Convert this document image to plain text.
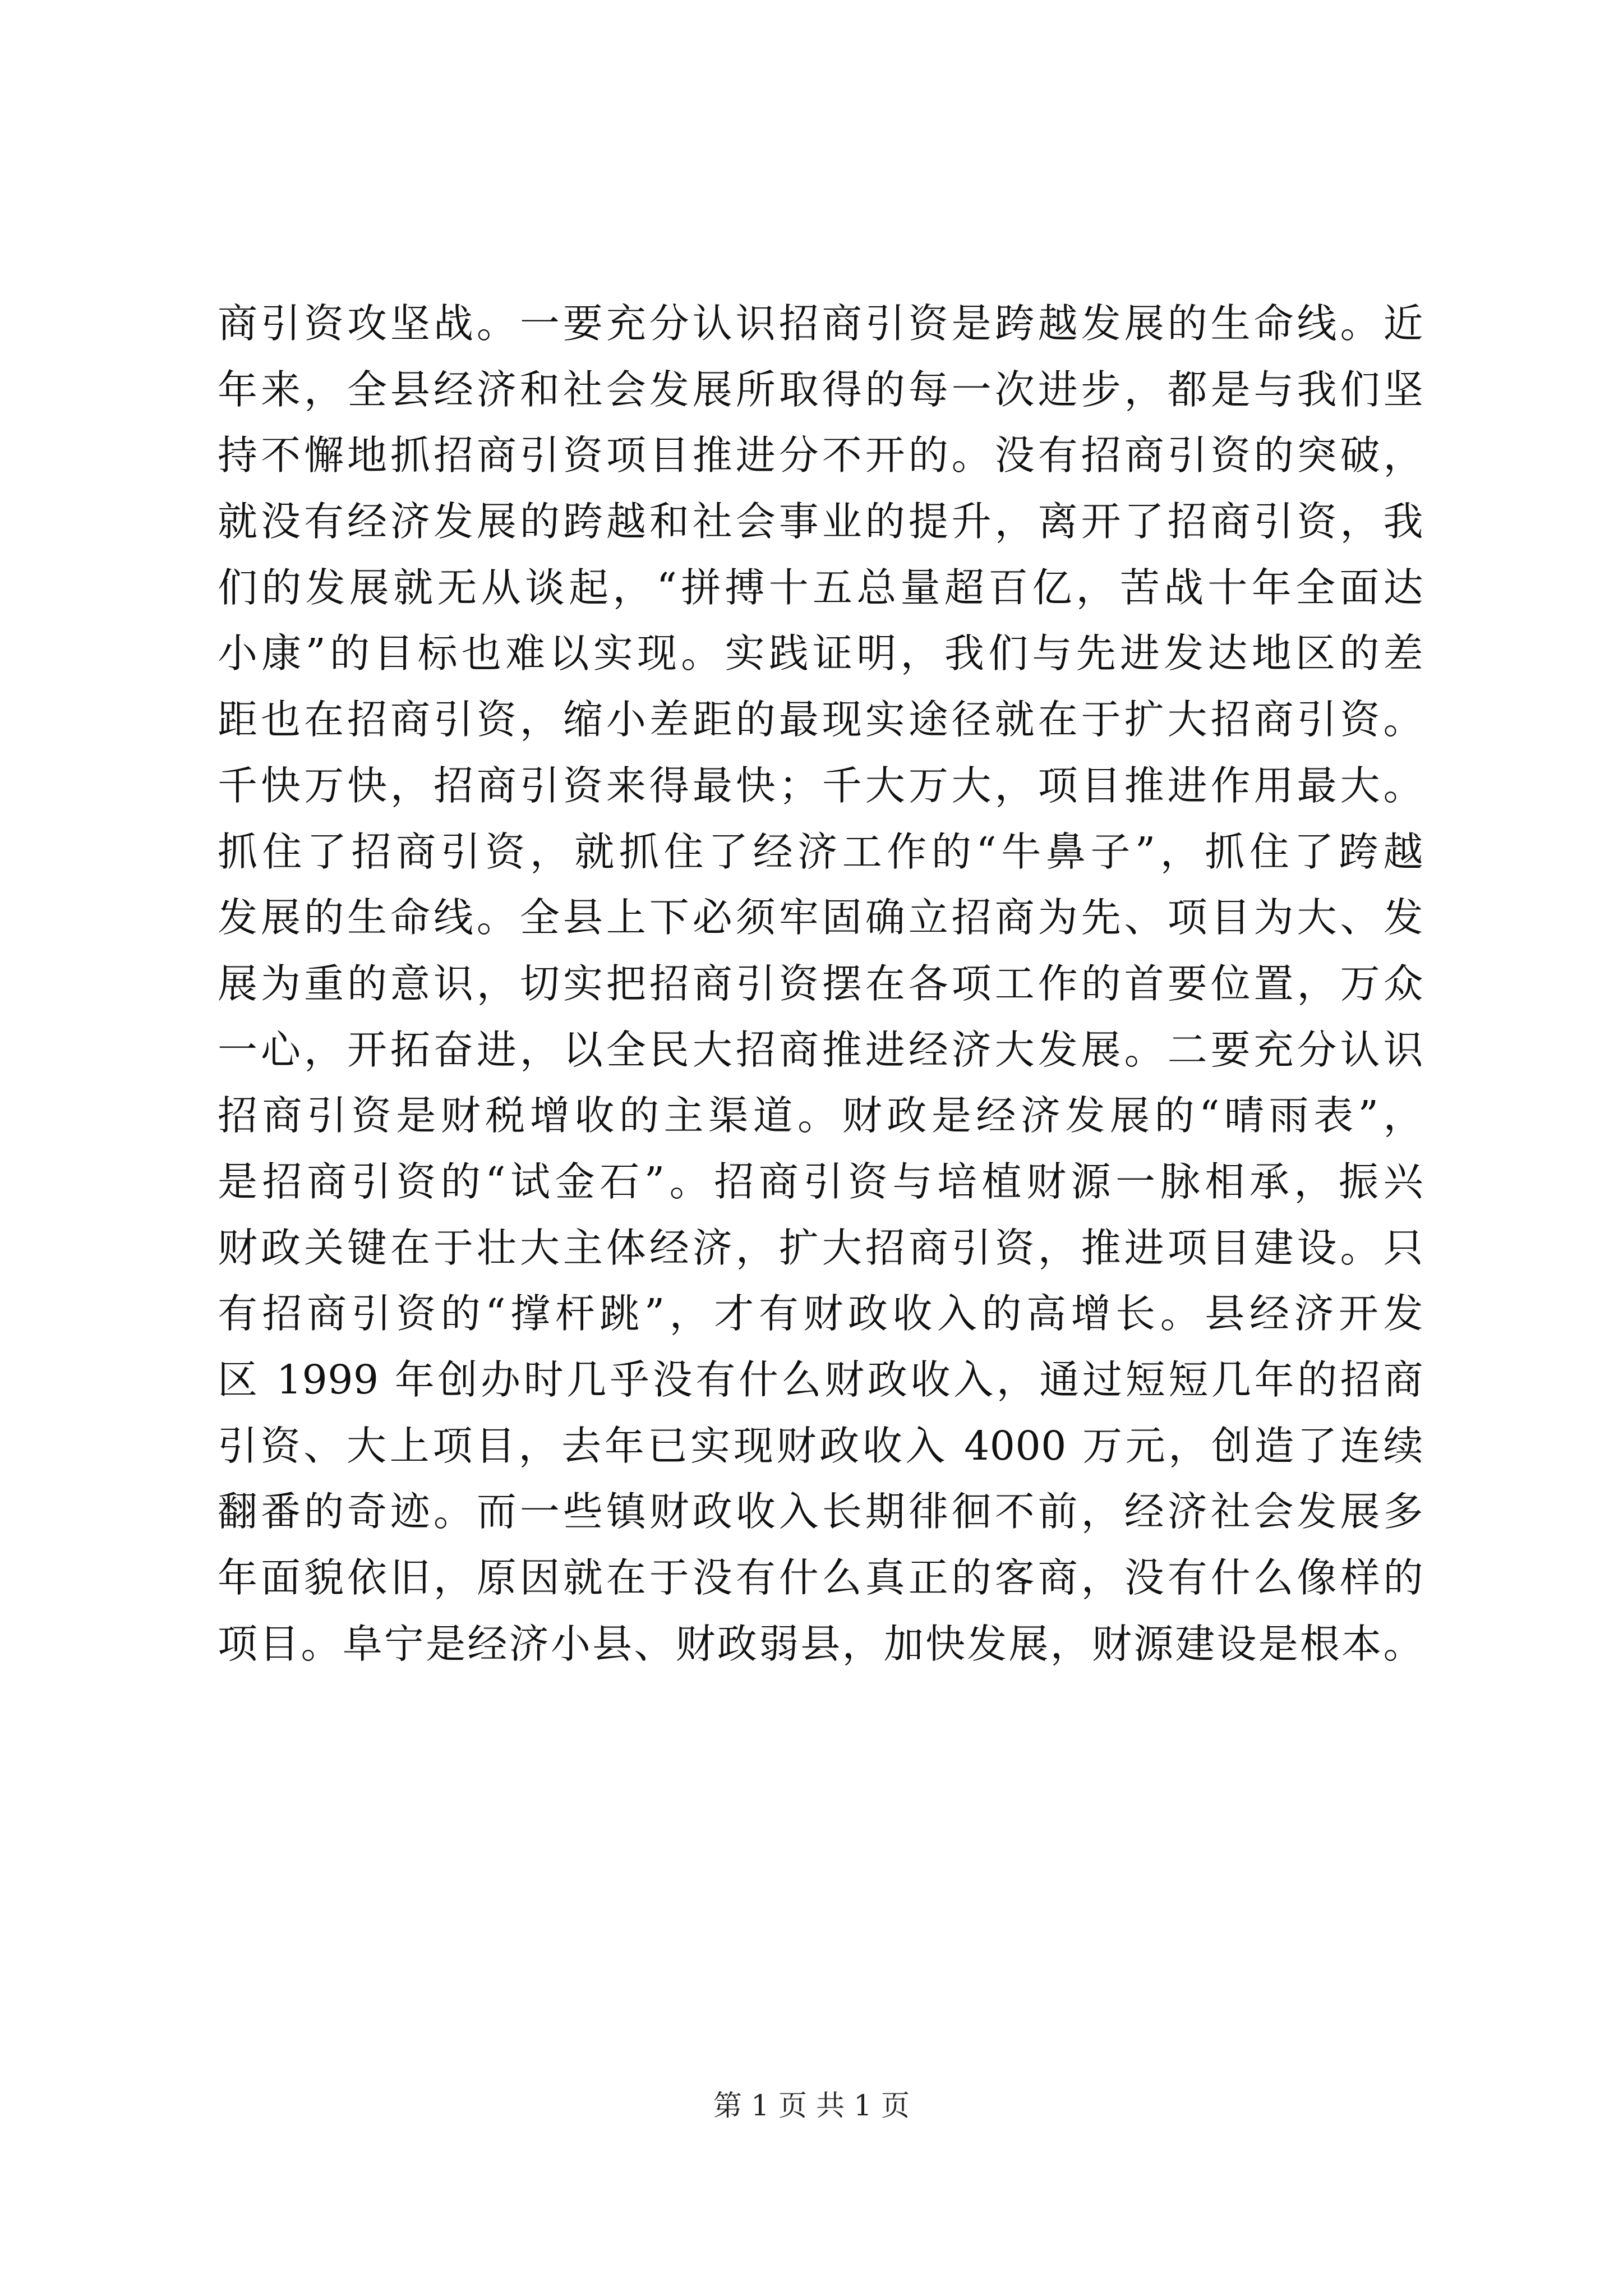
商引资攻坚战。一要充分认识招商引资是跨越发展的生命线。近
年来，全县经济和社会发展所取得的每一次进步，都是与我们坚
持不懈地抓招商引资项目推进分不开的。没有招商引资的突破，
就没有经济发展的跨越和社会事业的提升，离开了招商引资，我
们的发展就无从谈起，“拼搏十五总量超百亿，苦战十年全面达
小康”的目标也难以实现。实践证明，我们与先进发达地区的差
距也在招商引资，缩小差距的最现实途径就在于扩大招商引资。
千快万快，招商引资来得最快；千大万大，项目推进作用最大。
抓住了招商引资，就抓住了经济工作的“牛鼻子”，抓住了跨越
发展的生命线。全县上下必须牢固确立招商为先、项目为大、发
展为重的意识，切实把招商引资摆在各项工作的首要位置，万众
一心，开拓奋进，以全民大招商推进经济大发展。二要充分认识
招商引资是财税增收的主渠道。财政是经济发展的“晴雨表”，
是招商引资的“试金石”。招商引资与培植财源一脉相承，振兴
财政关键在于壮大主体经济，扩大招商引资，推进项目建设。只
有招商引资的“撑杆跳”，才有财政收入的高增长。县经济开发
区 1999 年创办时几乎没有什么财政收入，通过短短几年的招商
引资、大上项目，去年已实现财政收入 4000 万元，创造了连续
翻番的奇迹。而一些镇财政收入长期徘徊不前，经济社会发展多
年面貌依旧，原因就在于没有什么真正的客商，没有什么像样的
项目。阜宁是经济小县、财政弱县，加快发展，财源建设是根本。
第 1 页 共 1 页
